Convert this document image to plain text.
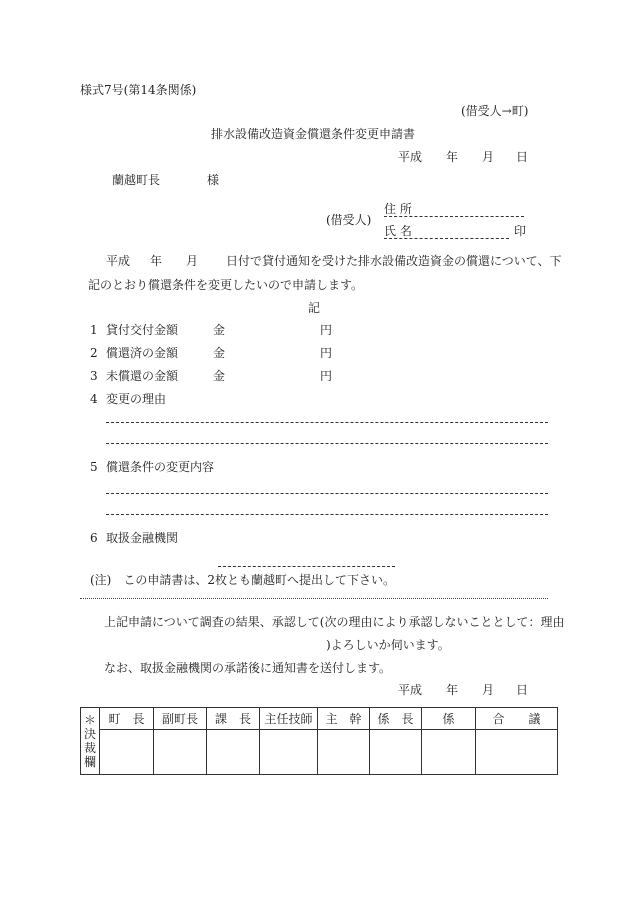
様式7号(第14条関係)
(借受人→町)
排水設備改造資金償還条件変更申請書
平成 年 月 日
蘭越町長	様
(借受人)
住 所
氏 名	印
平成 年 月 日付で貸付通知を受けた排水設備改造資金の償還について、下
記のとおり償還条件を変更したいので申請します。
記
1 貸付交付金額	金	円
2 償還済の金額	金	円
3 未償還の金額	金	円
4 変更の理由
5 償還条件の変更内容
6 取扱金融機関
(注)　この申請書は、2枚とも蘭越町へ提出して下さい。
上記申請について調査の結果、承認して(次の理由により承認しないこととして：理由
)よろしいか伺います。
なお、取扱金融機関の承諾後に通知書を送付します。
平成 年 月 日
＊
決
裁
欄	町　長	副町長	課　長	主任技師	主　幹	係　長	係	合　　議
